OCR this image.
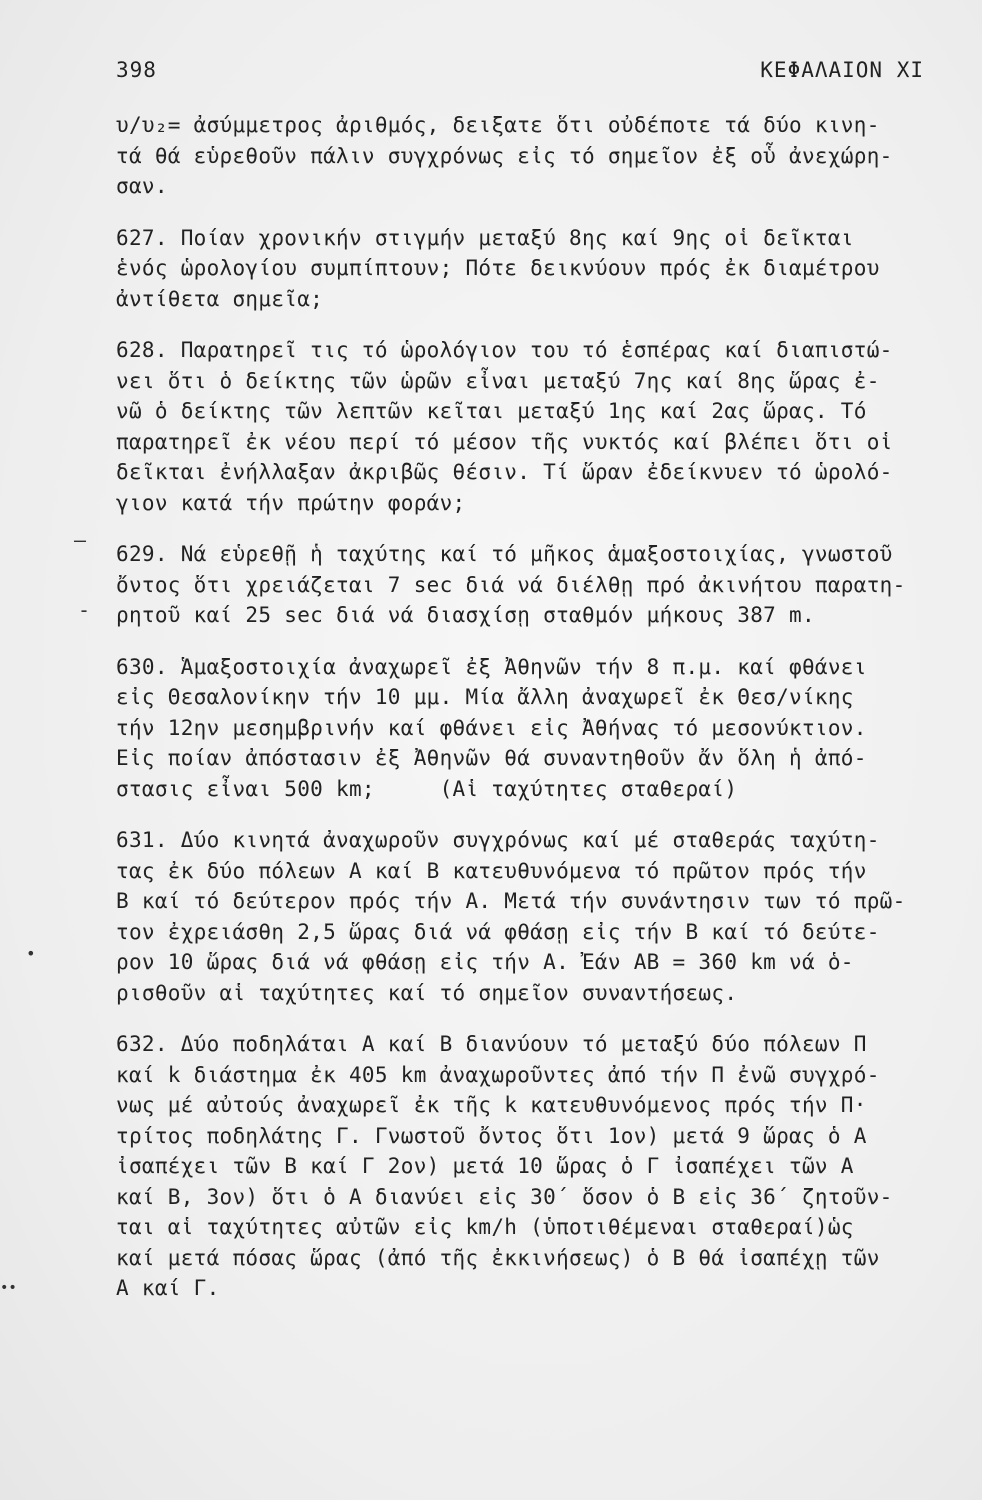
398	ΚΕΦΑΛΑΙΟΝ ΧΙ
–
-
•
••
υ/υ₂= ἀσύμμετρος ἀριθμός, δειξατε ὅτι οὐδέποτε τά δύο κινη-
τά θά εὑρεθοῦν πάλιν συγχρόνως εἰς τό σημεῖον ἐξ οὗ ἀνεχώρη-
σαν.
627. Ποίαν χρονικήν στιγμήν μεταξύ 8ης καί 9ης οἱ δεῖκται
ἑνός ὡρολογίου συμπίπτουν; Πότε δεικνύουν πρός ἐκ διαμέτρου
ἀντίθετα σημεῖα;
628. Παρατηρεῖ τις τό ὡρολόγιον του τό ἑσπέρας καί διαπιστώ-
νει ὅτι ὁ δείκτης τῶν ὡρῶν εἶναι μεταξύ 7ης καί 8ης ὥρας ἐ-
νῶ ὁ δείκτης τῶν λεπτῶν κεῖται μεταξύ 1ης καί 2ας ὥρας. Τό
παρατηρεῖ ἐκ νέου περί τό μέσον τῆς νυκτός καί βλέπει ὅτι οἱ
δεῖκται ἐνήλλαξαν ἀκριβῶς θέσιν. Τί ὥραν ἐδείκνυεν τό ὡρολό-
γιον κατά τήν πρώτην φοράν;
629. Νά εὑρεθῇ ἡ ταχύτης καί τό μῆκος ἁμαξοστοιχίας, γνωστοῦ
ὄντος ὅτι χρειάζεται 7 sec διά νά διέλθῃ πρό ἀκινήτου παρατη-
ρητοῦ καί 25 sec διά νά διασχίσῃ σταθμόν μήκους 387 m.
630. Ἁμαξοστοιχία ἀναχωρεῖ ἐξ Ἀθηνῶν τήν 8 π.μ. καί φθάνει
εἰς Θεσαλονίκην τήν 10 μμ. Μία ἄλλη ἀναχωρεῖ ἐκ Θεσ/νίκης
τήν 12ην μεσημβρινήν καί φθάνει εἰς Ἀθήνας τό μεσονύκτιον.
Εἰς ποίαν ἀπόστασιν ἐξ Ἀθηνῶν θά συναντηθοῦν ἄν ὅλη ἡ ἀπό-
στασις εἶναι 500 km;     (Αἱ ταχύτητες σταθεραί)
631. Δύο κινητά ἀναχωροῦν συγχρόνως καί μέ σταθεράς ταχύτη-
τας ἐκ δύο πόλεων Α καί Β κατευθυνόμενα τό πρῶτον πρός τήν
Β καί τό δεύτερον πρός τήν Α. Μετά τήν συνάντησιν των τό πρῶ-
τον ἐχρειάσθη 2,5 ὥρας διά νά φθάσῃ εἰς τήν Β καί τό δεύτε-
ρον 10 ὥρας διά νά φθάσῃ εἰς τήν Α. Ἐάν ΑΒ = 360 km νά ὁ-
ρισθοῦν αἱ ταχύτητες καί τό σημεῖον συναντήσεως.
632. Δύο ποδηλάται Α καί Β διανύουν τό μεταξύ δύο πόλεων Π
καί k διάστημα ἐκ 405 km ἀναχωροῦντες ἀπό τήν Π ἐνῶ συγχρό-
νως μέ αὐτούς ἀναχωρεῖ ἐκ τῆς k κατευθυνόμενος πρός τήν Π·
τρίτος ποδηλάτης Γ. Γνωστοῦ ὄντος ὅτι 1ον) μετά 9 ὥρας ὁ Α
ἰσαπέχει τῶν Β καί Γ 2ον) μετά 10 ὥρας ὁ Γ ἰσαπέχει τῶν Α
καί Β, 3ον) ὅτι ὁ Α διανύει εἰς 30΄ ὅσον ὁ Β εἰς 36΄ ζητοῦν-
ται αἱ ταχύτητες αὐτῶν εἰς km/h (ὑποτιθέμεναι σταθεραί)ὡς
καί μετά πόσας ὥρας (ἀπό τῆς ἐκκινήσεως) ὁ Β θά ἰσαπέχῃ τῶν
Α καί Γ.
